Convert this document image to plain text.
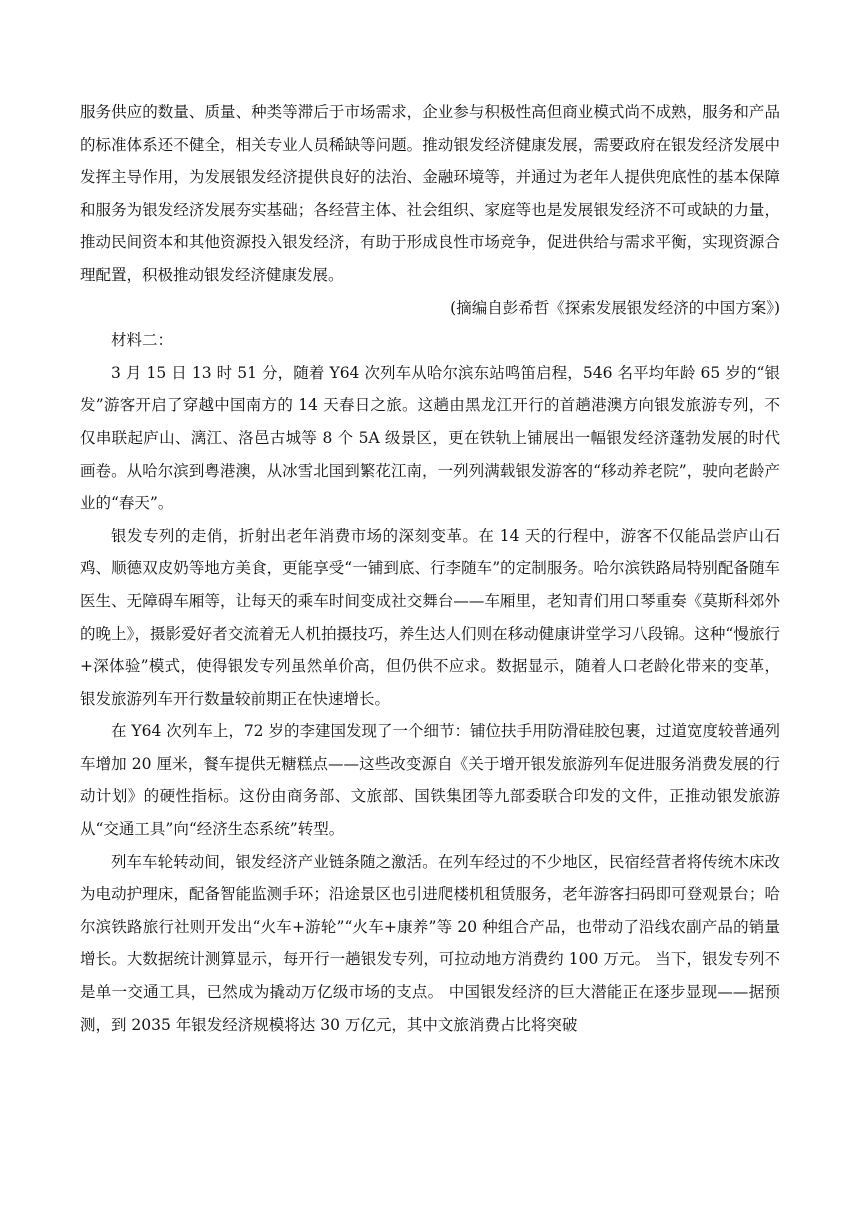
服务供应的数量、质量、种类等滞后于市场需求，企业参与积极性高但商业模式尚不成熟，服务和产品的标准体系还不健全，相关专业人员稀缺等问题。推动银发经济健康发展，需要政府在银发经济发展中发挥主导作用，为发展银发经济提供良好的法治、金融环境等，并通过为老年人提供兜底性的基本保障和服务为银发经济发展夯实基础；各经营主体、社会组织、家庭等也是发展银发经济不可或缺的力量，推动民间资本和其他资源投入银发经济，有助于形成良性市场竞争，促进供给与需求平衡，实现资源合理配置，积极推动银发经济健康发展。

(摘编自彭希哲《探索发展银发经济的中国方案》)

材料二：

3 月 15 日 13 时 51 分，随着 Y64 次列车从哈尔滨东站鸣笛启程，546 名平均年龄 65 岁的“银发”游客开启了穿越中国南方的 14 天春日之旅。这趟由黑龙江开行的首趟港澳方向银发旅游专列，不仅串联起庐山、漓江、洛邑古城等 8 个 5A 级景区，更在铁轨上铺展出一幅银发经济蓬勃发展的时代画卷。从哈尔滨到粤港澳，从冰雪北国到繁花江南，一列列满载银发游客的“移动养老院”，驶向老龄产业的“春天”。

银发专列的走俏，折射出老年消费市场的深刻变革。在 14 天的行程中，游客不仅能品尝庐山石鸡、顺德双皮奶等地方美食，更能享受“一铺到底、行李随车”的定制服务。哈尔滨铁路局特别配备随车医生、无障碍车厢等，让每天的乘车时间变成社交舞台——车厢里，老知青们用口琴重奏《莫斯科郊外的晚上》，摄影爱好者交流着无人机拍摄技巧，养生达人们则在移动健康讲堂学习八段锦。这种“慢旅行+深体验”模式，使得银发专列虽然单价高，但仍供不应求。数据显示，随着人口老龄化带来的变革，银发旅游列车开行数量较前期正在快速增长。

在 Y64 次列车上，72 岁的李建国发现了一个细节：铺位扶手用防滑硅胶包裹，过道宽度较普通列车增加 20 厘米，餐车提供无糖糕点——这些改变源自《关于增开银发旅游列车促进服务消费发展的行动计划》的硬性指标。这份由商务部、文旅部、国铁集团等九部委联合印发的文件，正推动银发旅游从“交通工具”向“经济生态系统”转型。

列车车轮转动间，银发经济产业链条随之激活。在列车经过的不少地区，民宿经营者将传统木床改为电动护理床，配备智能监测手环；沿途景区也引进爬楼机租赁服务，老年游客扫码即可登观景台；哈尔滨铁路旅行社则开发出“火车+游轮”“火车+康养”等 20 种组合产品，也带动了沿线农副产品的销量增长。大数据统计测算显示，每开行一趟银发专列，可拉动地方消费约 100 万元。 当下，银发专列不是单一交通工具，已然成为撬动万亿级市场的支点。 中国银发经济的巨大潜能正在逐步显现——据预测，到 2035 年银发经济规模将达 30 万亿元，其中文旅消费占比将突破
